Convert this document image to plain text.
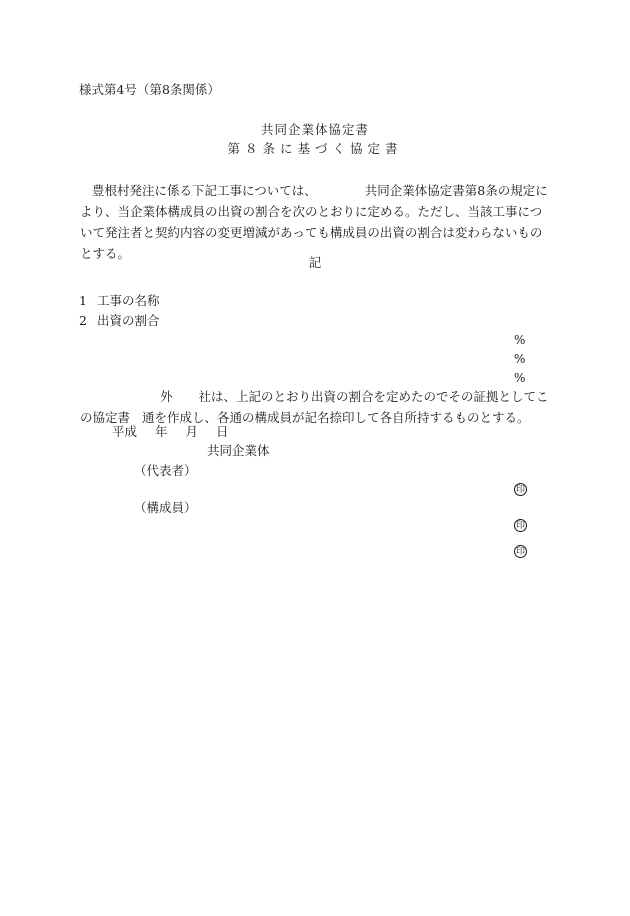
様式第4号（第8条関係）
共同企業体協定書
第８条に基づく協定書
豊根村発注に係る下記工事については、	共同企業体協定書第8条の規定により、当企業体構成員の出資の割合を次のとおりに定める。ただし、当該工事について発注者と契約内容の変更増減があっても構成員の出資の割合は変わらないものとする。
記
1 工事の名称
2 出資の割合
%
%
%
外 社は、上記のとおり出資の割合を定めたのでその証拠としてこの協定書 通を作成し、各通の構成員が記名捺印して各自所持するものとする。
平成 年 月 日
共同企業体
（代表者）
印
（構成員）
印
印
